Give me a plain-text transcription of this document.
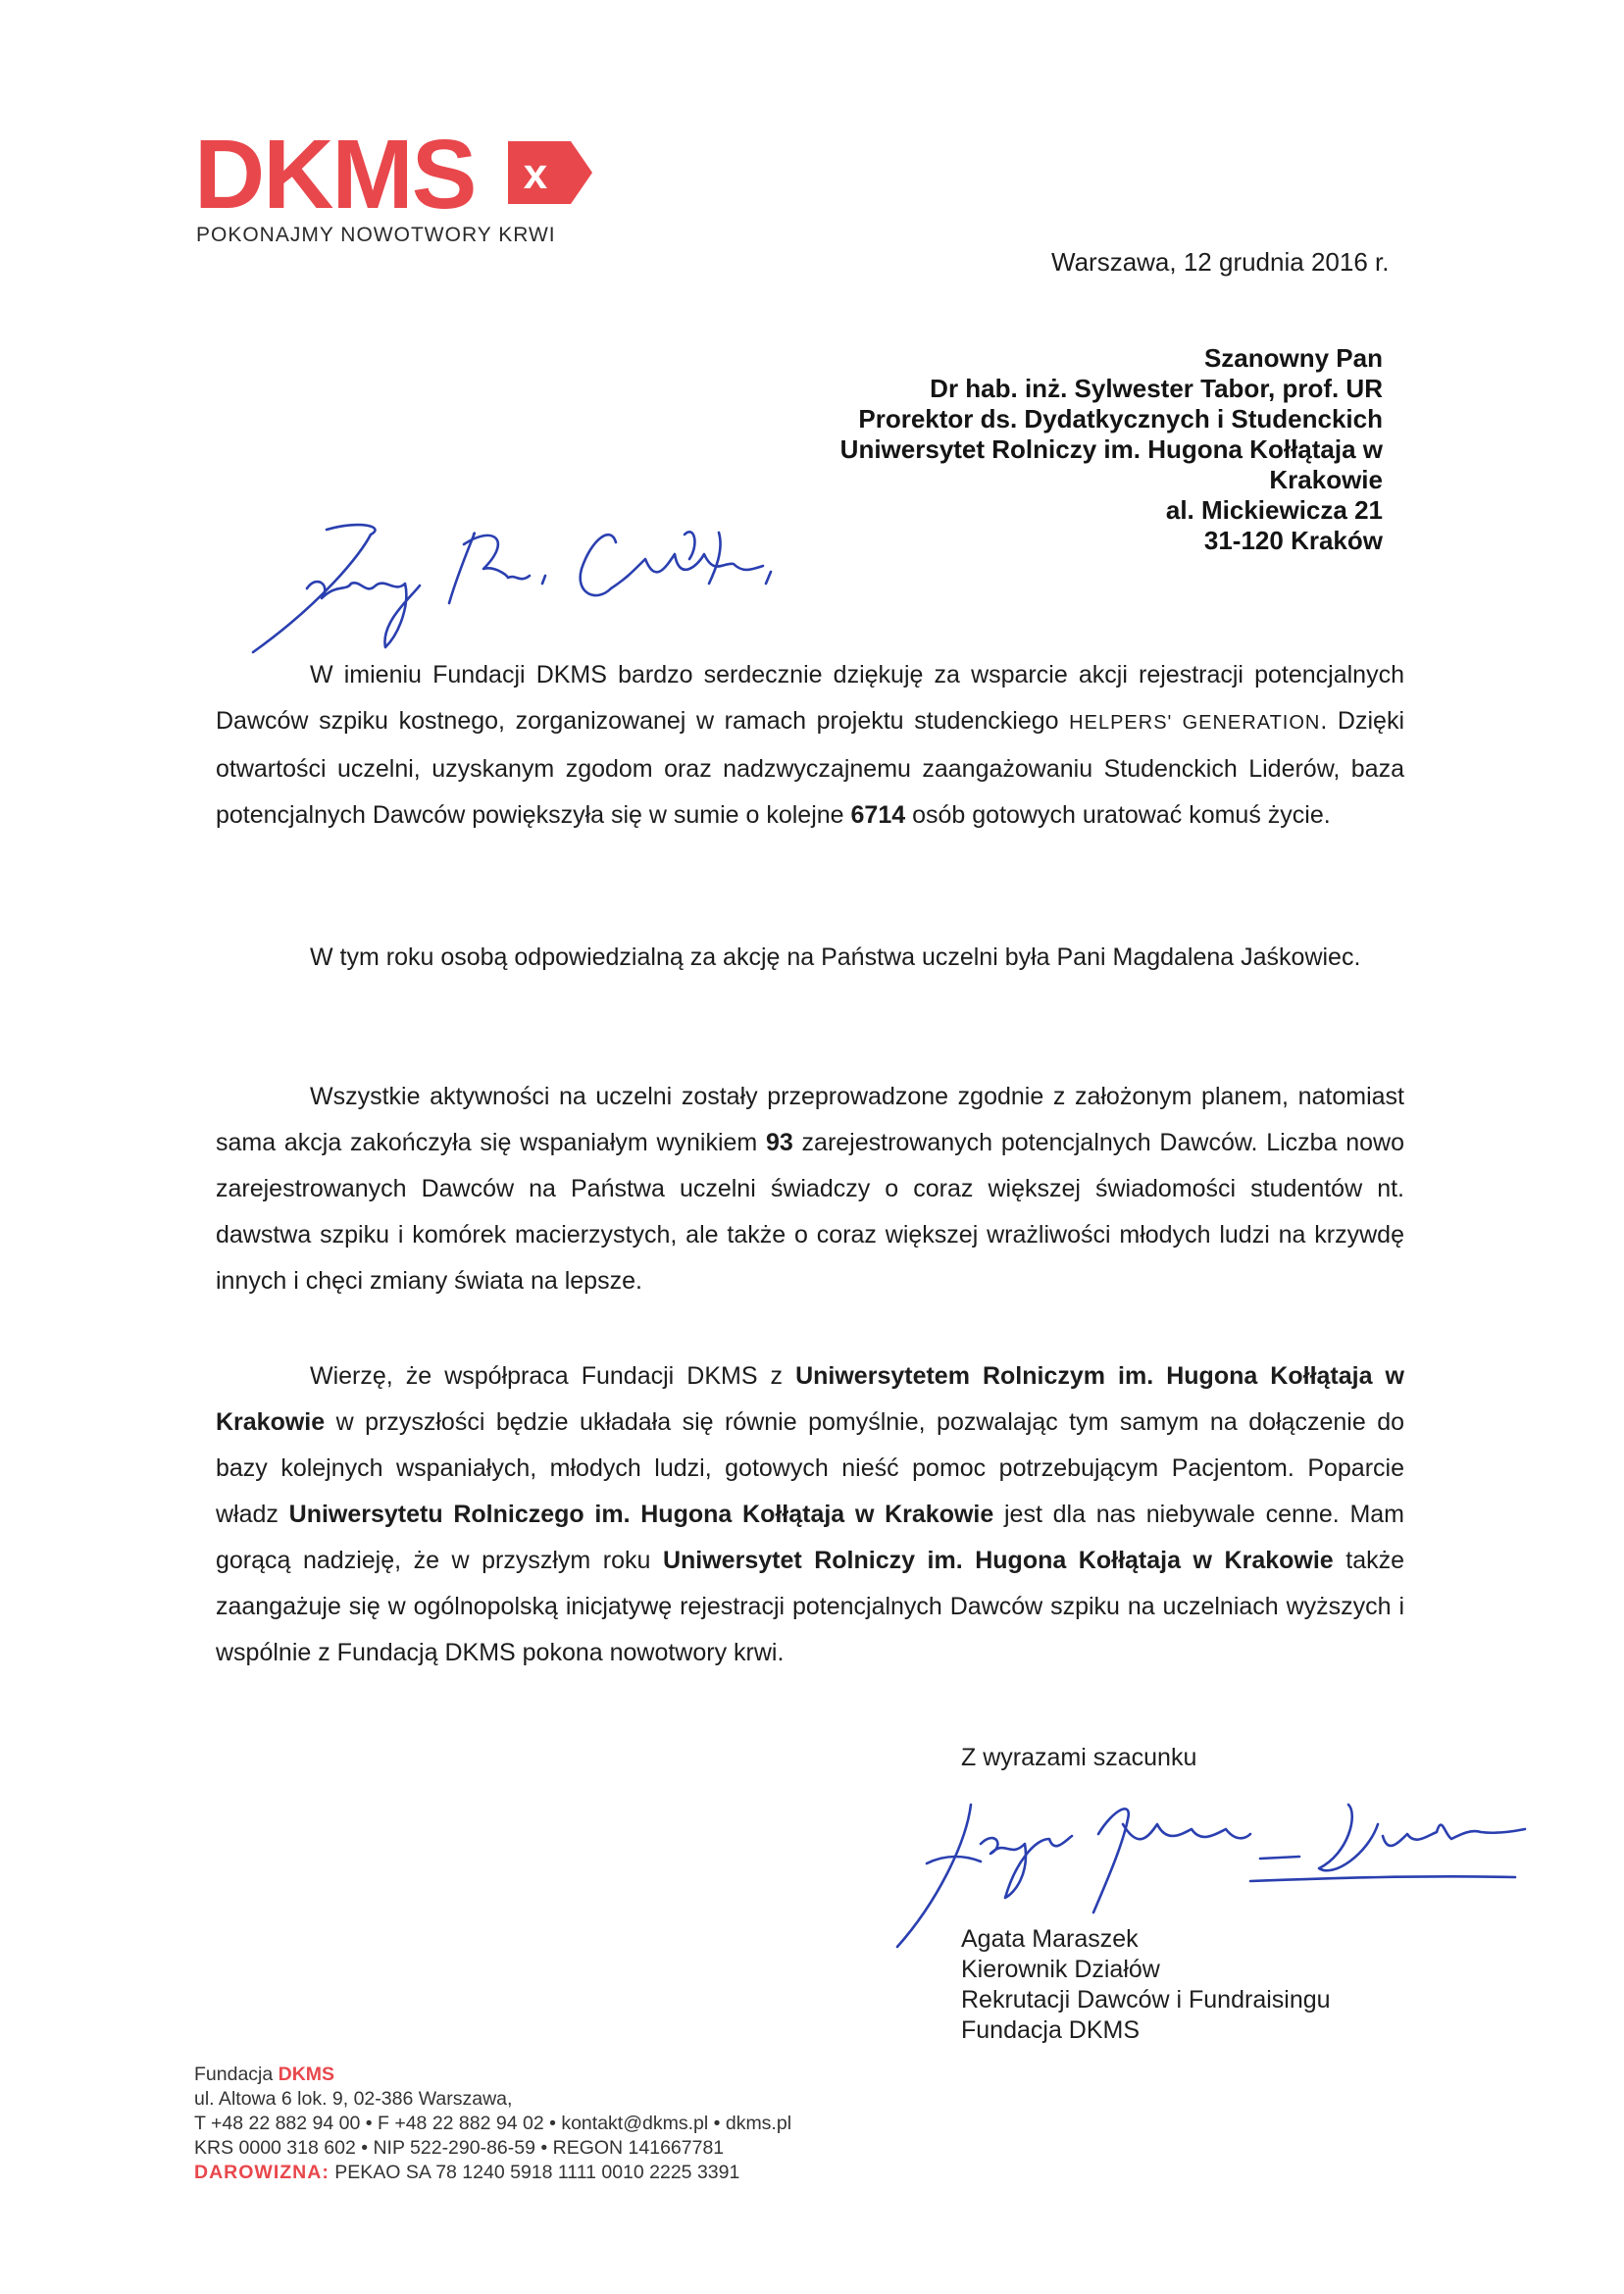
DKMS x
POKONAJMY NOWOTWORY KRWI
Warszawa, 12 grudnia 2016 r.
Szanowny Pan
Dr hab. inż. Sylwester Tabor, prof. UR
Prorektor ds. Dydatkycznych i Studenckich
Uniwersytet Rolniczy im. Hugona Kołłątaja w
Krakowie
al. Mickiewicza 21
31-120 Kraków
W imieniu Fundacji DKMS bardzo serdecznie dziękuję za wsparcie akcji rejestracji potencjalnych Dawców szpiku kostnego, zorganizowanej w ramach projektu studenckiego HELPERS' GENERATION. Dzięki otwartości uczelni, uzyskanym zgodom oraz nadzwyczajnemu zaangażowaniu Studenckich Liderów, baza potencjalnych Dawców powiększyła się w sumie o kolejne 6714 osób gotowych uratować komuś życie.
W tym roku osobą odpowiedzialną za akcję na Państwa uczelni była Pani Magdalena Jaśkowiec.
Wszystkie aktywności na uczelni zostały przeprowadzone zgodnie z założonym planem, natomiast sama akcja zakończyła się wspaniałym wynikiem 93 zarejestrowanych potencjalnych Dawców. Liczba nowo zarejestrowanych Dawców na Państwa uczelni świadczy o coraz większej świadomości studentów nt. dawstwa szpiku i komórek macierzystych, ale także o coraz większej wrażliwości młodych ludzi na krzywdę innych i chęci zmiany świata na lepsze.
Wierzę, że współpraca Fundacji DKMS z Uniwersytetem Rolniczym im. Hugona Kołłątaja w Krakowie w przyszłości będzie układała się równie pomyślnie, pozwalając tym samym na dołączenie do bazy kolejnych wspaniałych, młodych ludzi, gotowych nieść pomoc potrzebującym Pacjentom. Poparcie władz Uniwersytetu Rolniczego im. Hugona Kołłątaja w Krakowie jest dla nas niebywale cenne. Mam gorącą nadzieję, że w przyszłym roku Uniwersytet Rolniczy im. Hugona Kołłątaja w Krakowie także zaangażuje się w ogólnopolską inicjatywę rejestracji potencjalnych Dawców szpiku na uczelniach wyższych i wspólnie z Fundacją DKMS pokona nowotwory krwi.
Z wyrazami szacunku
Agata Maraszek
Kierownik Działów
Rekrutacji Dawców i Fundraisingu
Fundacja DKMS
Fundacja DKMS
ul. Altowa 6 lok. 9, 02-386 Warszawa,
T +48 22 882 94 00 • F +48 22 882 94 02 • kontakt@dkms.pl • dkms.pl
KRS 0000 318 602 • NIP 522-290-86-59 • REGON 141667781
DAROWIZNA: PEKAO SA 78 1240 5918 1111 0010 2225 3391
